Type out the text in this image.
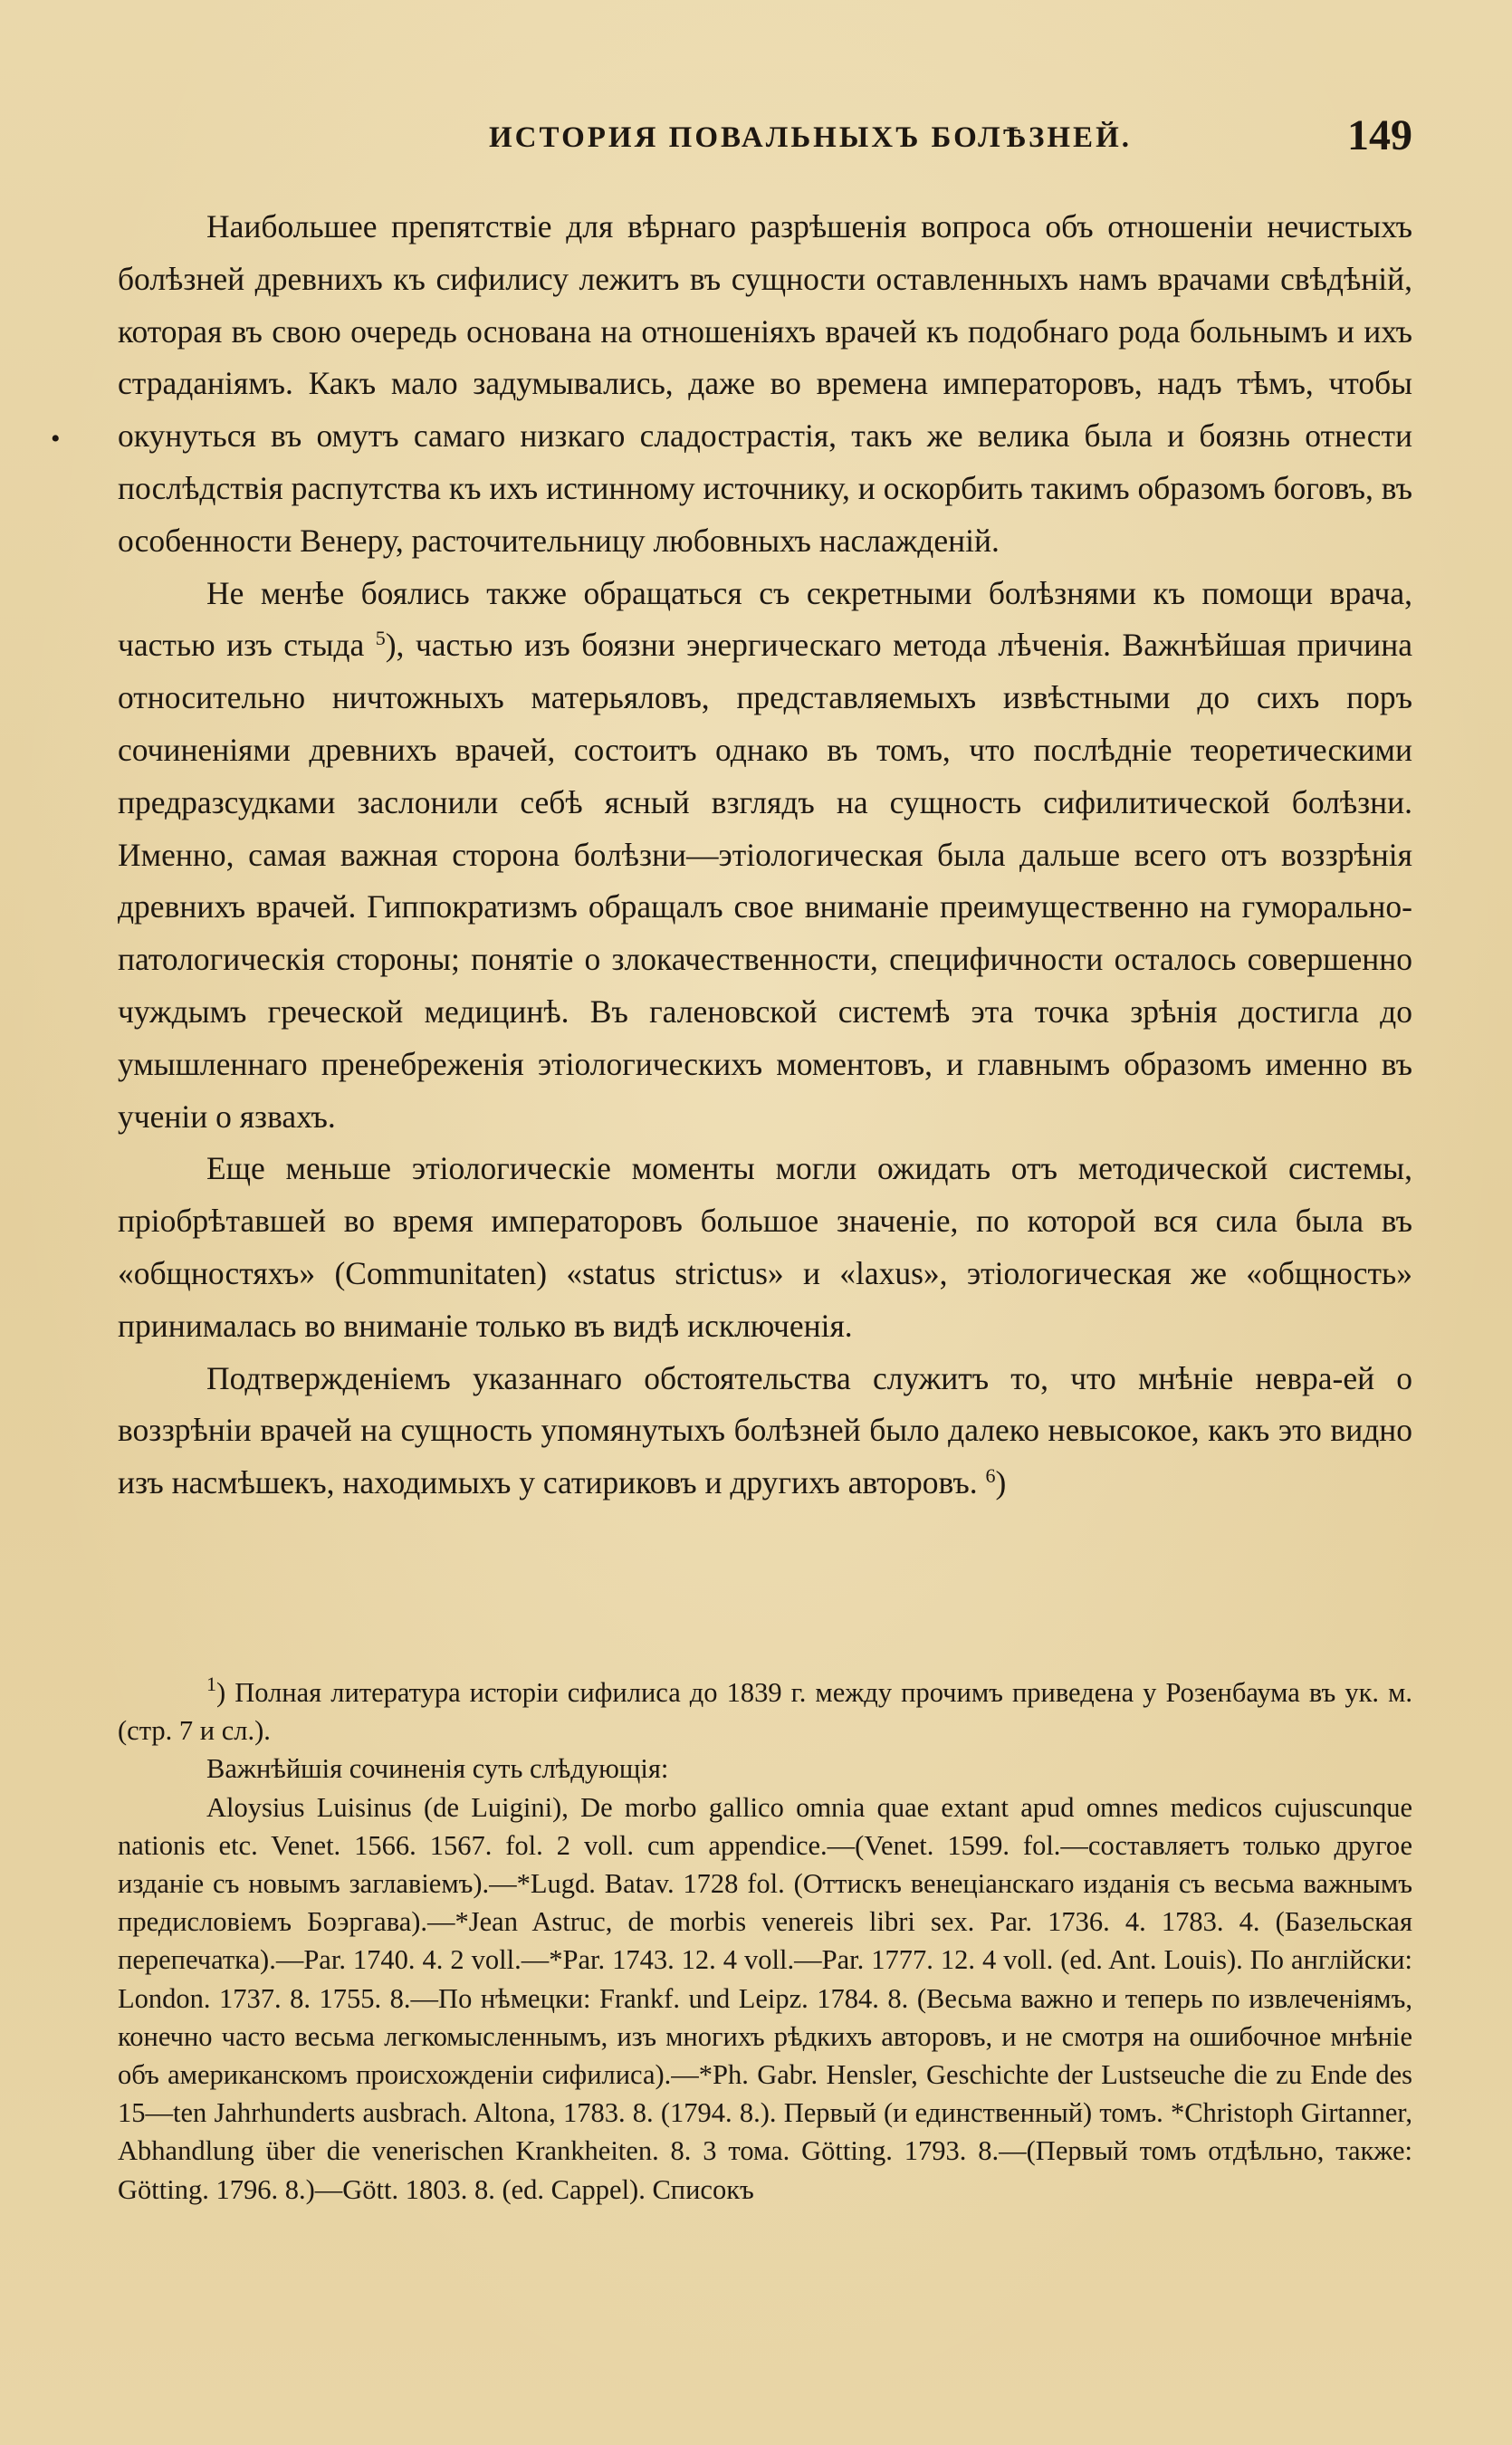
•
ИСТОРИЯ ПОВАЛЬНЫХЪ БОЛѢЗНЕЙ.	149

Наибольшее препятствіе для вѣрнаго разрѣшенія вопроса объ отношеніи нечистыхъ болѣзней древнихъ къ сифилису лежитъ въ сущности оставленныхъ намъ врачами свѣдѣній, которая въ свою очередь основана на отношеніяхъ врачей къ подобнаго рода больнымъ и ихъ страданіямъ. Какъ мало задумывались, даже во времена императоровъ, надъ тѣмъ, чтобы окунуться въ омутъ самаго низкаго сладострастія, такъ же велика была и боязнь отнести послѣдствія распутства къ ихъ истинному источнику, и оскорбить такимъ образомъ боговъ, въ особенности Венеру, расточительницу любовныхъ наслажденій.

Не менѣе боялись также обращаться съ секретными болѣзнями къ помощи врача, частью изъ стыда $^5$), частью изъ боязни энергическаго метода лѣченія. Важнѣйшая причина относительно ничтожныхъ матерьяловъ, представляемыхъ извѣстными до сихъ поръ сочиненіями древнихъ врачей, состоитъ однако въ томъ, что послѣдніе теоретическими предразсудками заслонили себѣ ясный взглядъ на сущность сифилитической болѣзни. Именно, самая важная сторона болѣзни—этіологическая была дальше всего отъ воззрѣнія древнихъ врачей. Гиппократизмъ обращалъ свое вниманіе преимущественно на гуморально-патологическія стороны; понятіе о злокачественности, специфичности осталось совершенно чуждымъ греческой медицинѣ. Въ галеновской системѣ эта точка зрѣнія достигла до умышленнаго пренебреженія этіологическихъ моментовъ, и главнымъ образомъ именно въ ученіи о язвахъ.

Еще меньше этіологическіе моменты могли ожидать отъ методической системы, пріобрѣтавшей во время императоровъ большое значеніе, по которой вся сила была въ «общностяхъ» (Communitaten) «status strictus» и «laxus», этіологическая же «общность» принималась во вниманіе только въ видѣ исключенія.

Подтвержденіемъ указаннаго обстоятельства служитъ то, что мнѣніе невра-ей о воззрѣніи врачей на сущность упомянутыхъ болѣзней было далеко невысокое, какъ это видно изъ насмѣшекъ, находимыхъ у сатириковъ и другихъ авторовъ. $^6$)

$^1$) Полная литература исторіи сифилиса до 1839 г. между прочимъ приведена у Розенбаума въ ук. м. (стр. 7 и сл.).

Важнѣйшія сочиненія суть слѣдующія:

Aloysius Luisinus (de Luigini), De morbo gallico omnia quae extant apud omnes medicos cujuscunque nationis etc. Venet. 1566. 1567. fol. 2 voll. cum appendice.—(Venet. 1599. fol.—составляетъ только другое изданіе съ новымъ заглавіемъ).—*Lugd. Batav. 1728 fol. (Оттискъ венеціанскаго изданія съ весьма важнымъ предисловіемъ Боэргава).—*Jean Astruc, de morbis venereis libri sex. Par. 1736. 4. 1783. 4. (Базельская перепечатка).—Par. 1740. 4. 2 voll.—*Par. 1743. 12. 4 voll.—Par. 1777. 12. 4 voll. (ed. Ant. Louis). По англійски: London. 1737. 8. 1755. 8.—По нѣмецки: Frankf. und Leipz. 1784. 8. (Весьма важно и теперь по извлеченіямъ, конечно часто весьма легкомысленнымъ, изъ многихъ рѣдкихъ авторовъ, и не смотря на ошибочное мнѣніе объ американскомъ происхожденіи сифилиса).—*Ph. Gabr. Hensler, Geschichte der Lustseuche die zu Ende des 15—ten Jahrhunderts ausbrach. Altona, 1783. 8. (1794. 8.). Первый (и единственный) томъ. *Christoph Girtanner, Abhandlung über die venerischen Krankheiten. 8. 3 тома. Götting. 1793. 8.—(Первый томъ отдѣльно, также: Götting. 1796. 8.)—Gött. 1803. 8. (ed. Cappel). Списокъ
